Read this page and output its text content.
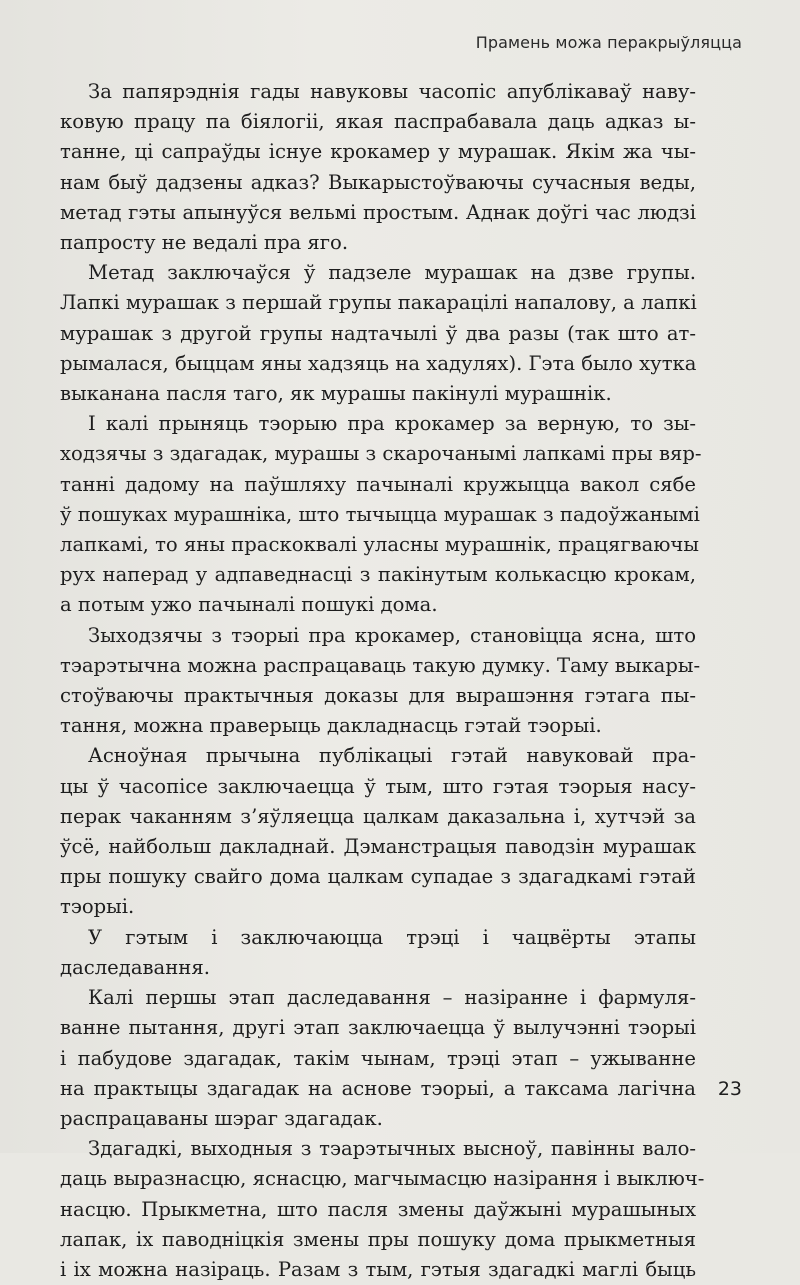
Прамень можа перакрыўляцца
За папярэднія гады навуковы часопіс апублікаваў наву-
ковую працу па біялогіі, якая паспрабавала даць адказ ы-
танне, ці сапраўды існуе крокамер у мурашак. Якім жа чы-
нам быў дадзены адказ? Выкарыстоўваючы сучасныя веды,
метад гэты апынуўся вельмі простым. Аднак доўгі час людзі
папросту не ведалі пра яго.
Метад заключаўся ў падзеле мурашак на дзве групы.
Лапкі мурашак з першай групы пакарацілі напалову, а лапкі
мурашак з другой групы надтачылі ў два разы (так што ат-
рымалася, быццам яны хадзяць на хадулях). Гэта было хутка
выканана пасля таго, як мурашы пакінулі мурашнік.
І калі прыняць тэорыю пра крокамер за верную, то зы-
ходзячы з здагадак, мурашы з скарочанымі лапкамі пры вяр-
танні дадому на паўшляху пачыналі кружыцца вакол сябе
ў пошуках мурашніка, што тычыцца мурашак з падоўжанымі
лапкамі, то яны праскоквалі уласны мурашнік, працягваючы
рух наперад у адпаведнасці з пакінутым колькасцю крокам,
а потым ужо пачыналі пошукі дома.
Зыходзячы з тэорыі пра крокамер, становіцца ясна, што
тэарэтычна можна распрацаваць такую думку. Таму выкары-
стоўваючы практычныя доказы для вырашэння гэтага пы-
тання, можна праверыць дакладнасць гэтай тэорыі.
Асноўная прычына публікацыі гэтай навуковай пра-
цы ў часопісе заключаецца ў тым, што гэтая тэорыя насу-
перак чаканням з’яўляецца цалкам даказальна і, хутчэй за
ўсё, найбольш дакладнай. Дэманстрацыя паводзін мурашак
пры пошуку свайго дома цалкам супадае з здагадкамі гэтай
тэорыі.
У гэтым і заключаюцца трэці і чацвёрты этапы
даследавання.
Калі першы этап даследавання – назіранне і фармуля-
ванне пытання, другі этап заключаецца ў вылучэнні тэорыі
і пабудове здагадак, такім чынам, трэці этап – ужыванне
на практыцы здагадак на аснове тэорыі, а таксама лагічна
распрацаваны шэраг здагадак.
Здагадкі, выходныя з тэарэтычных высноў, павінны вало-
даць выразнасцю, яснасцю, магчымасцю назірання і выключ-
насцю. Прыкметна, што пасля змены даўжыні мурашыных
лапак, іх паводніцкія змены пры пошуку дома прыкметныя
і іх можна назіраць. Разам з тым, гэтыя здагадкі маглі быць
23
